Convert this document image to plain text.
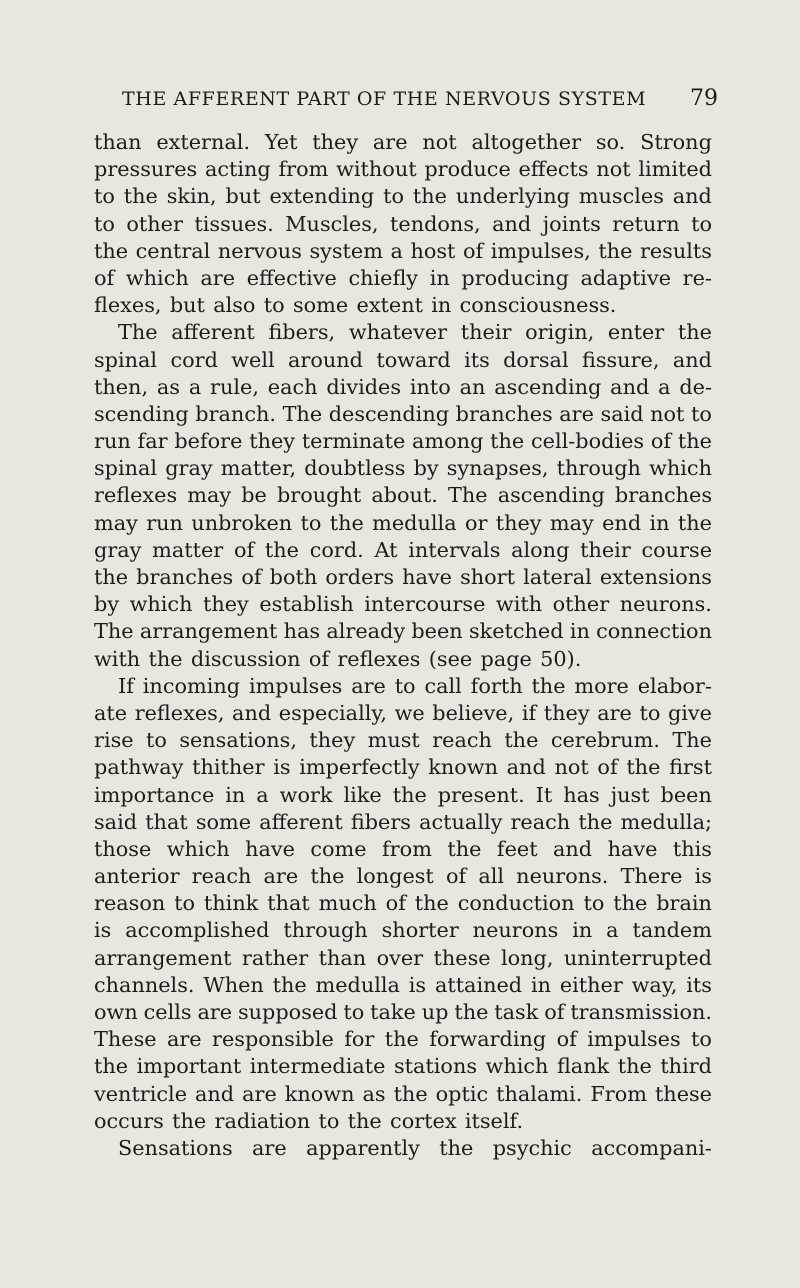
THE AFFERENT PART OF THE NERVOUS SYSTEM 79
than external. Yet they are not altogether so. Strong
pressures acting from without produce effects not limited
to the skin, but extending to the underlying muscles and
to other tissues. Muscles, tendons, and joints return to
the central nervous system a host of impulses, the results
of which are effective chiefly in producing adaptive re-
flexes, but also to some extent in consciousness.
The afferent fibers, whatever their origin, enter the
spinal cord well around toward its dorsal fissure, and
then, as a rule, each divides into an ascending and a de-
scending branch. The descending branches are said not to
run far before they terminate among the cell-bodies of the
spinal gray matter, doubtless by synapses, through which
reflexes may be brought about. The ascending branches
may run unbroken to the medulla or they may end in the
gray matter of the cord. At intervals along their course
the branches of both orders have short lateral extensions
by which they establish intercourse with other neurons.
The arrangement has already been sketched in connection
with the discussion of reflexes (see page 50).
If incoming impulses are to call forth the more elabor-
ate reflexes, and especially, we believe, if they are to give
rise to sensations, they must reach the cerebrum. The
pathway thither is imperfectly known and not of the first
importance in a work like the present. It has just been
said that some afferent fibers actually reach the medulla;
those which have come from the feet and have this
anterior reach are the longest of all neurons. There is
reason to think that much of the conduction to the brain
is accomplished through shorter neurons in a tandem
arrangement rather than over these long, uninterrupted
channels. When the medulla is attained in either way, its
own cells are supposed to take up the task of transmission.
These are responsible for the forwarding of impulses to
the important intermediate stations which flank the third
ventricle and are known as the optic thalami. From these
occurs the radiation to the cortex itself.
Sensations are apparently the psychic accompani-
